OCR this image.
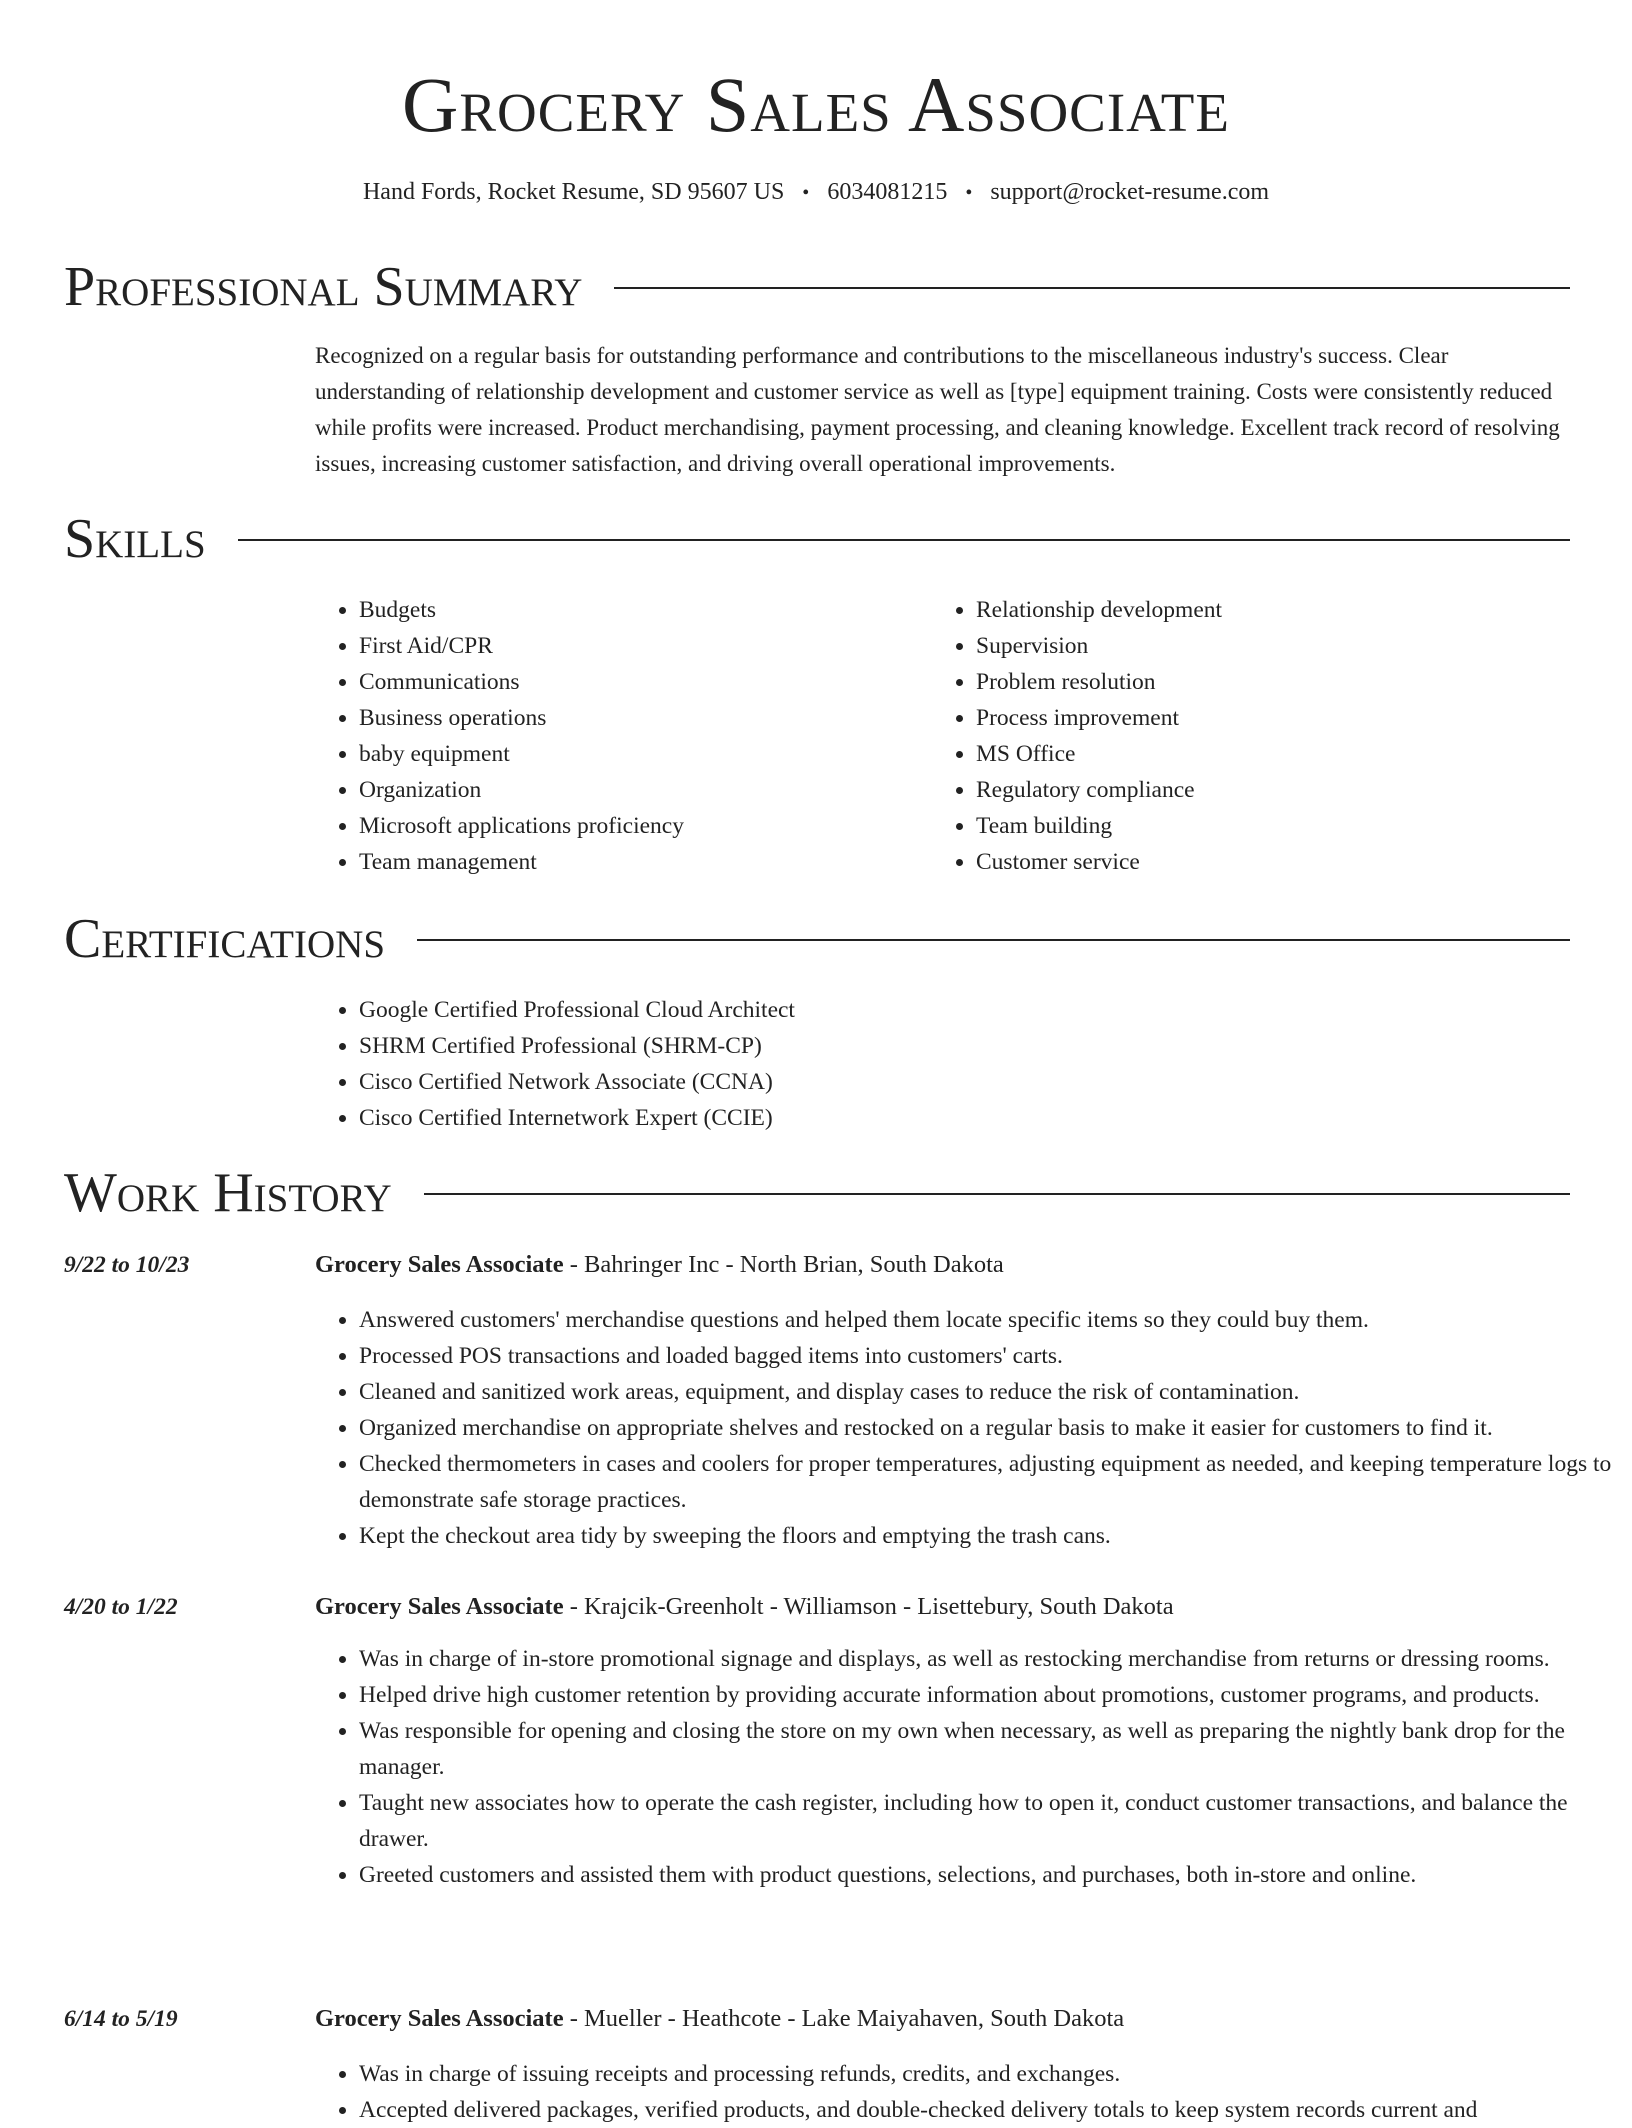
Grocery Sales Associate
Hand Fords, Rocket Resume, SD 95607 US • 6034081215 • support@rocket-resume.com
Professional Summary

Recognized on a regular basis for outstanding performance and contributions to the miscellaneous industry's success. Clear understanding of relationship development and customer service as well as [type] equipment training. Costs were consistently reduced while profits were increased. Product merchandising, payment processing, and cleaning knowledge. Excellent track record of resolving issues, increasing customer satisfaction, and driving overall operational improvements.

Skills
• Budgets
• First Aid/CPR
• Communications
• Business operations
• baby equipment
• Organization
• Microsoft applications proficiency
• Team management
• Relationship development
• Supervision
• Problem resolution
• Process improvement
• MS Office
• Regulatory compliance
• Team building
• Customer service
Certifications
• Google Certified Professional Cloud Architect
• SHRM Certified Professional (SHRM-CP)
• Cisco Certified Network Associate (CCNA)
• Cisco Certified Internetwork Expert (CCIE)
Work History
9/22 to 10/23	Grocery Sales Associate - Bahringer Inc - North Brian, South Dakota
• Answered customers' merchandise questions and helped them locate specific items so they could buy them.
• Processed POS transactions and loaded bagged items into customers' carts.
• Cleaned and sanitized work areas, equipment, and display cases to reduce the risk of contamination.
• Organized merchandise on appropriate shelves and restocked on a regular basis to make it easier for customers to find it.
• Checked thermometers in cases and coolers for proper temperatures, adjusting equipment as needed, and keeping temperature logs to demonstrate safe storage practices.
• Kept the checkout area tidy by sweeping the floors and emptying the trash cans.
4/20 to 1/22	Grocery Sales Associate - Krajcik-Greenholt - Williamson - Lisettebury, South Dakota
• Was in charge of in-store promotional signage and displays, as well as restocking merchandise from returns or dressing rooms.
• Helped drive high customer retention by providing accurate information about promotions, customer programs, and products.
• Was responsible for opening and closing the store on my own when necessary, as well as preparing the nightly bank drop for the manager.
• Taught new associates how to operate the cash register, including how to open it, conduct customer transactions, and balance the drawer.
• Greeted customers and assisted them with product questions, selections, and purchases, both in-store and online.
6/14 to 5/19	Grocery Sales Associate - Mueller - Heathcote - Lake Maiyahaven, South Dakota
• Was in charge of issuing receipts and processing refunds, credits, and exchanges.
• Accepted delivered packages, verified products, and double-checked delivery totals to keep system records current and
